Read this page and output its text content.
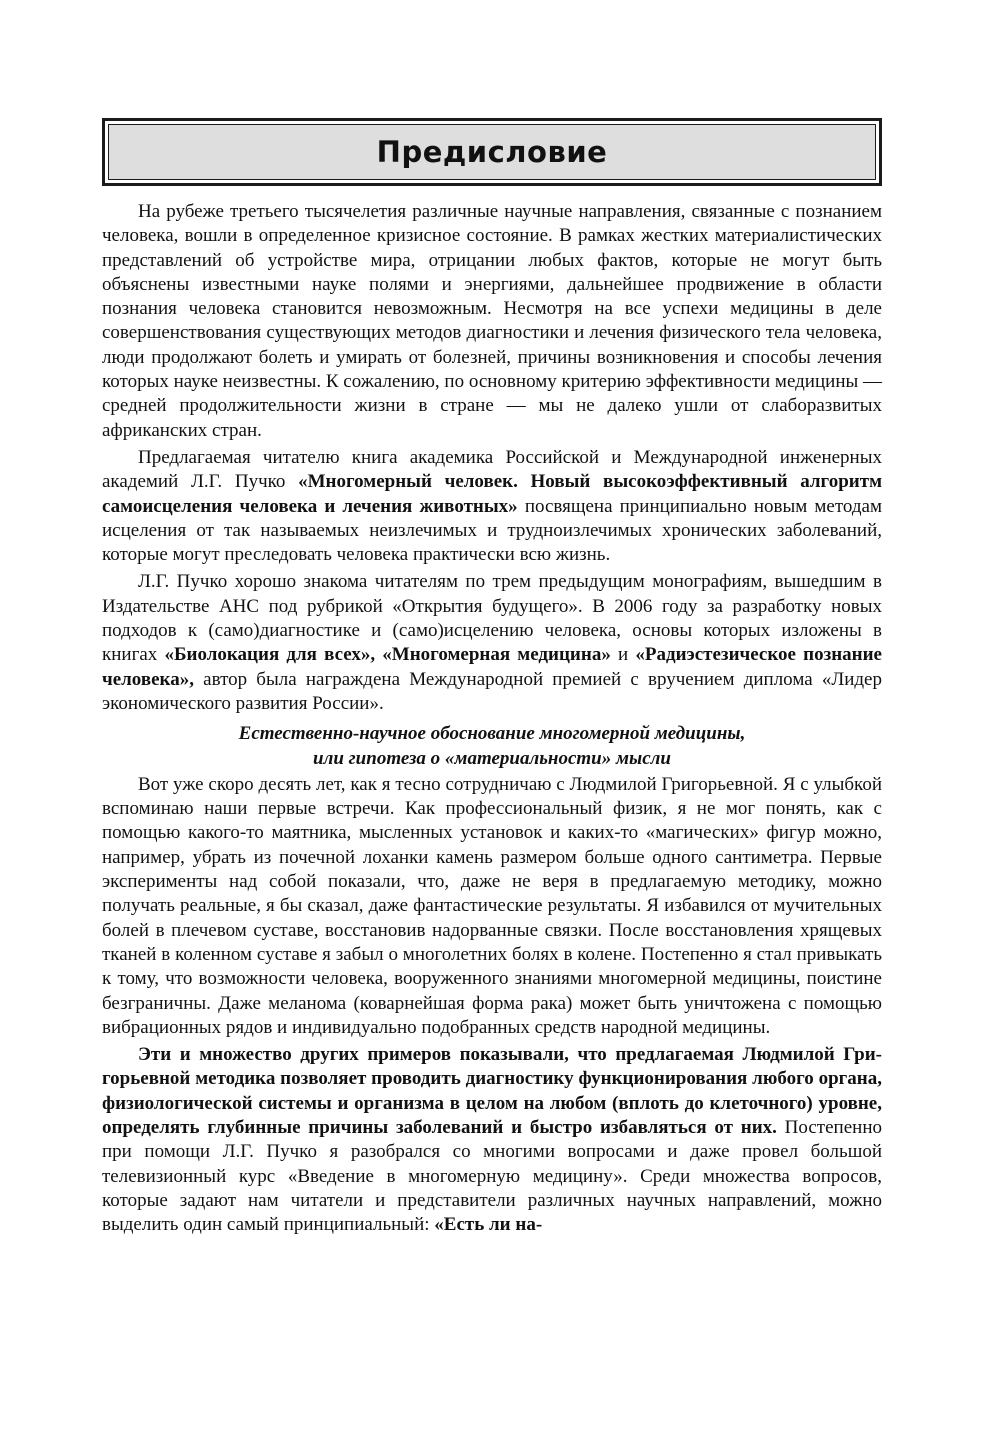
Предисловие

На рубеже третьего тысячелетия различные научные направления, связанные с познанием человека, вошли в определенное кризисное состояние. В рамках жестких материалистических представлений об устройстве мира, отрицании любых фактов, которые не могут быть объяснены известными науке полями и энергиями, дальнейшее продвижение в области познания человека становится невозможным. Несмотря на все успехи медицины в деле совершенствования существующих методов диагностики и лечения физического тела человека, люди продолжают болеть и умирать от болезней, причины возникновения и способы лечения которых науке неизвестны. К сожалению, по основному критерию эффективности медицины — средней продолжительности жизни в стране — мы не далеко ушли от слаборазвитых африканских стран.

Предлагаемая читателю книга академика Российской и Международной инженерных академий Л.Г. Пучко «Многомерный человек. Новый высокоэффективный алгоритм самоисцеления человека и лечения животных» посвящена принципиально новым методам исцеления от так называемых неизлечимых и трудноизлечимых хронических заболеваний, которые могут преследовать человека практически всю жизнь.

Л.Г. Пучко хорошо знакома читателям по трем предыдущим монографиям, вышедшим в Издательстве АНС под рубрикой «Открытия будущего». В 2006 году за разработку новых подходов к (само)диагностике и (само)исцелению человека, основы которых изложены в книгах «Биолокация для всех», «Многомерная медицина» и «Радиэстезическое познание человека», автор была награждена Международной премией с вручением диплома «Лидер экономического развития России».

Естественно-научное обоснование многомерной медицины,
или гипотеза о «материальности» мысли

Вот уже скоро десять лет, как я тесно сотрудничаю с Людмилой Григорьевной. Я с улыбкой вспоминаю наши первые встречи. Как профессиональный физик, я не мог понять, как с помощью какого-то маятника, мысленных установок и каких-то «магических» фигур можно, например, убрать из почечной лоханки камень размером больше одного сантиметра. Первые эксперименты над собой показали, что, даже не веря в предлагаемую методику, можно получать реальные, я бы сказал, даже фантастические результаты. Я избавился от мучительных болей в плечевом суставе, восстановив надорванные связки. После восстановления хрящевых тканей в коленном суставе я забыл о многолетних болях в колене. Постепенно я стал привыкать к тому, что возможности человека, вооруженного знаниями многомерной медицины, поистине безграничны. Даже меланома (коварнейшая форма рака) может быть уничтожена с помощью вибрационных рядов и индивидуально подобранных средств народной медицины.

Эти и множество других примеров показывали, что предлагаемая Людмилой Григорьевной методика позволяет проводить диагностику функционирования любого органа, физиологической системы и организма в целом на любом (вплоть до клеточного) уровне, определять глубинные причины заболеваний и быстро избавляться от них. Постепенно при помощи Л.Г. Пучко я разобрался со многими вопросами и даже провел большой телевизионный курс «Введение в многомерную медицину». Среди множества вопросов, которые задают нам читатели и представители различных научных направлений, можно выделить один самый принципиальный: «Есть ли на-
